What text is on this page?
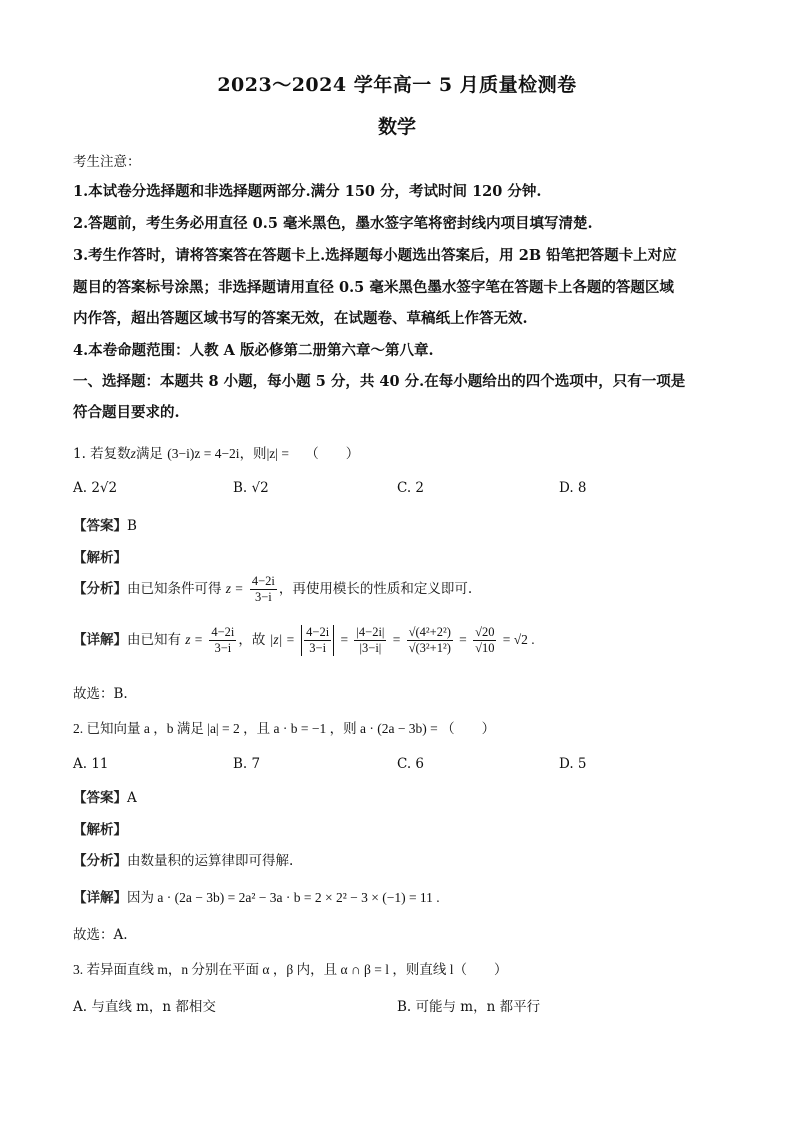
2023～2024 学年高一 5 月质量检测卷
数学
考生注意：
1.本试卷分选择题和非选择题两部分.满分 150 分，考试时间 120 分钟.
2.答题前，考生务必用直径 0.5 毫米黑色，墨水签字笔将密封线内项目填写清楚.
3.考生作答时，请将答案答在答题卡上.选择题每小题选出答案后，用 2B 铅笔把答题卡上对应
题目的答案标号涂黑；非选择题请用直径 0.5 毫米黑色墨水签字笔在答题卡上各题的答题区域
内作答，超出答题区域书写的答案无效，在试题卷、草稿纸上作答无效.
4.本卷命题范围：人教 A 版必修第二册第六章～第八章.
一、选择题：本题共 8 小题，每小题 5 分，共 40 分.在每小题给出的四个选项中，只有一项是
符合题目要求的.
1. 若复数z满足 (3−i)z = 4−2i，则|z| = （　　）
A. 2√2	B. √2	C. 2	D. 8
【答案】B
【解析】
【分析】由已知条件可得 $z = \frac{4-2i}{3-i}$ ，再使用模长的性质和定义即可.
【详解】由已知有 $z = \frac{4-2i}{3-i}$ ，故 $|z| = \frac{4-2i}{3-i} = \frac{|4-2i|}{|3-i|} = \frac{\text{√(4²+2²)}}{\text{√(3²+1²)}} = \frac{√20}{√10} = √2$ .
故选：B.
2. 已知向量 a ，b 满足 |a| = 2 ，且 a · b = −1 ，则 a · (2a − 3b) = （　　）
A. 11	B. 7	C. 6	D. 5
【答案】A
【解析】
【分析】由数量积的运算律即可得解.
【详解】因为 a · (2a − 3b) = 2a² − 3a · b = 2 × 2² − 3 × (−1) = 11 .
故选：A.
3. 若异面直线 m，n 分别在平面 α ，β 内，且 α ∩ β = l ，则直线 l（　　）
A. 与直线 m，n 都相交	B. 可能与 m，n 都平行
